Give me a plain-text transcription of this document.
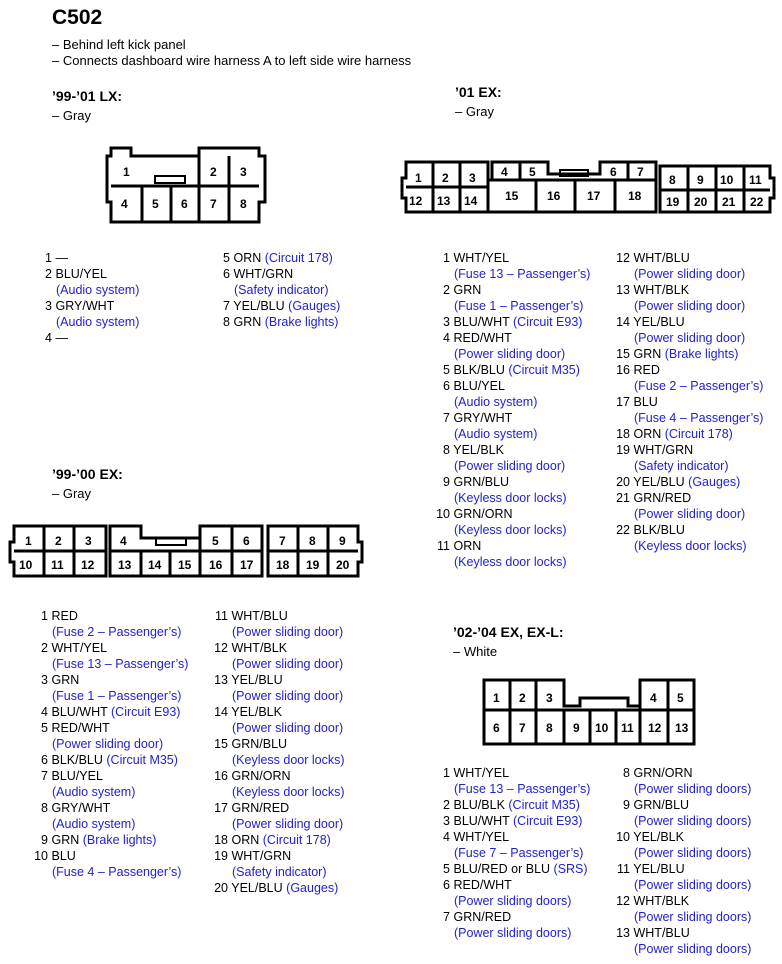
C502
– Behind left kick panel
– Connects dashboard wire harness A to left side wire harness
’99-’01 LX:
– Gray
1	2 3
4 5 6 7 8
1 —
2 BLU/YEL
(Audio system)
3 GRY/WHT
(Audio system)
4 —
5 ORN (Circuit 178)
6 WHT/GRN
(Safety indicator)
7 YEL/BLU (Gauges)
8 GRN (Brake lights)
’01 EX:
– Gray
1 2 3 4 5	6 7
8 9 10 11
12 13 14 15 16 17 18 19 20 21 22
1 WHT/YEL
(Fuse 13 – Passenger’s)
2 GRN
(Fuse 1 – Passenger’s)
3 BLU/WHT (Circuit E93)
4 RED/WHT
(Power sliding door)
5 BLK/BLU (Circuit M35)
6 BLU/YEL
(Audio system)
7 GRY/WHT
(Audio system)
8 YEL/BLK
(Power sliding door)
9 GRN/BLU
(Keyless door locks)
10 GRN/ORN
(Keyless door locks)
11 ORN
(Keyless door locks)
12 WHT/BLU
(Power sliding door)
13 WHT/BLK
(Power sliding door)
14 YEL/BLU
(Power sliding door)
15 GRN (Brake lights)
16 RED
(Fuse 2 – Passenger’s)
17 BLU
(Fuse 4 – Passenger’s)
18 ORN (Circuit 178)
19 WHT/GRN
(Safety indicator)
20 YEL/BLU (Gauges)
21 GRN/RED
(Power sliding door)
22 BLK/BLU
(Keyless door locks)
’99-’00 EX:
– Gray
1 2 3 4	5 6 7 8 9
10 11 12 13 14 15 16 17 18 19 20
1 RED
(Fuse 2 – Passenger’s)
2 WHT/YEL
(Fuse 13 – Passenger’s)
3 GRN
(Fuse 1 – Passenger’s)
4 BLU/WHT (Circuit E93)
5 RED/WHT
(Power sliding door)
6 BLK/BLU (Circuit M35)
7 BLU/YEL
(Audio system)
8 GRY/WHT
(Audio system)
9 GRN (Brake lights)
10 BLU
(Fuse 4 – Passenger’s)
11 WHT/BLU
(Power sliding door)
12 WHT/BLK
(Power sliding door)
13 YEL/BLU
(Power sliding door)
14 YEL/BLK
(Power sliding door)
15 GRN/BLU
(Keyless door locks)
16 GRN/ORN
(Keyless door locks)
17 GRN/RED
(Power sliding door)
18 ORN (Circuit 178)
19 WHT/GRN
(Safety indicator)
20 YEL/BLU (Gauges)
’02-’04 EX, EX-L:
– White
1 2 3	4 5
6 7 8 9 10 11 12 13
1 WHT/YEL
(Fuse 13 – Passenger’s)
2 BLU/BLK (Circuit M35)
3 BLU/WHT (Circuit E93)
4 WHT/YEL
(Fuse 7 – Passenger’s)
5 BLU/RED or BLU (SRS)
6 RED/WHT
(Power sliding doors)
7 GRN/RED
(Power sliding doors)
8 GRN/ORN
(Power sliding doors)
9 GRN/BLU
(Power sliding doors)
10 YEL/BLK
(Power sliding doors)
11 YEL/BLU
(Power sliding doors)
12 WHT/BLK
(Power sliding doors)
13 WHT/BLU
(Power sliding doors)
